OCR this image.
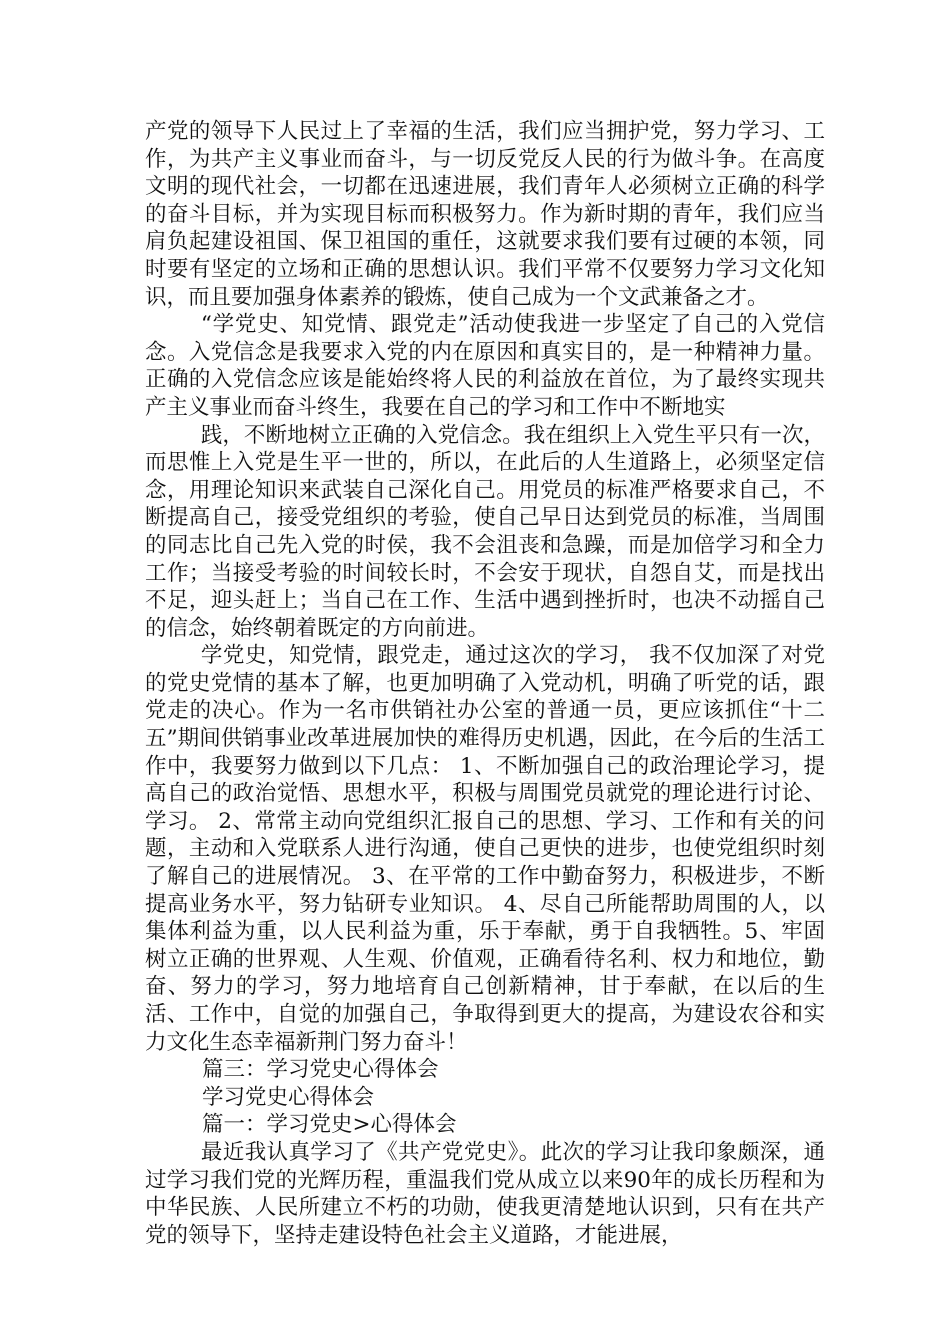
产党的领导下人民过上了幸福的生活，我们应当拥护党，努力学习、工作，为共产主义事业而奋斗，与一切反党反人民的行为做斗争。在高度文明的现代社会，一切都在迅速进展，我们青年人必须树立正确的科学的奋斗目标，并为实现目标而积极努力。作为新时期的青年，我们应当肩负起建设祖国、保卫祖国的重任，这就要求我们要有过硬的本领，同时要有坚定的立场和正确的思想认识。我们平常不仅要努力学习文化知识，而且要加强身体素养的锻炼，使自己成为一个文武兼备之才。

“学党史、知党情、跟党走”活动使我进一步坚定了自己的入党信念。入党信念是我要求入党的内在原因和真实目的，是一种精神力量。正确的入党信念应该是能始终将人民的利益放在首位，为了最终实现共产主义事业而奋斗终生，我要在自己的学习和工作中不断地实

践，不断地树立正确的入党信念。我在组织上入党生平只有一次，而思惟上入党是生平一世的，所以，在此后的人生道路上，必须坚定信念，用理论知识来武装自己深化自己。用党员的标准严格要求自己，不断提高自己，接受党组织的考验，使自己早日达到党员的标准，当周围的同志比自己先入党的时侯，我不会沮丧和急躁，而是加倍学习和全力工作；当接受考验的时间较长时，不会安于现状，自怨自艾，而是找出不足，迎头赶上；当自己在工作、生活中遇到挫折时，也决不动摇自己的信念，始终朝着既定的方向前进。

学党史，知党情，跟党走，通过这次的学习， 我不仅加深了对党的党史党情的基本了解，也更加明确了入党动机，明确了听党的话，跟党走的决心。作为一名市供销社办公室的普通一员，更应该抓住“十二五”期间供销事业改革进展加快的难得历史机遇，因此，在今后的生活工作中，我要努力做到以下几点： 1、不断加强自己的政治理论学习，提高自己的政治觉悟、思想水平，积极与周围党员就党的理论进行讨论、学习。 2、常常主动向党组织汇报自己的思想、学习、工作和有关的问题，主动和入党联系人进行沟通，使自己更快的进步，也使党组织时刻了解自己的进展情况。 3、在平常的工作中勤奋努力，积极进步，不断提高业务水平，努力钻研专业知识。 4、尽自己所能帮助周围的人，以集体利益为重，以人民利益为重，乐于奉献，勇于自我牺牲。5、牢固树立正确的世界观、人生观、价值观，正确看待名利、权力和地位，勤奋、努力的学习，努力地培育自己创新精神，甘于奉献，在以后的生活、工作中，自觉的加强自己，争取得到更大的提高，为建设农谷和实力文化生态幸福新荆门努力奋斗！

篇三：学习党史心得体会

学习党史心得体会

篇一：学习党史>心得体会

最近我认真学习了《共产党党史》。此次的学习让我印象颇深，通过学习我们党的光辉历程，重温我们党从成立以来90年的成长历程和为中华民族、人民所建立不朽的功勋，使我更清楚地认识到，只有在共产党的领导下，坚持走建设特色社会主义道路，才能进展，
